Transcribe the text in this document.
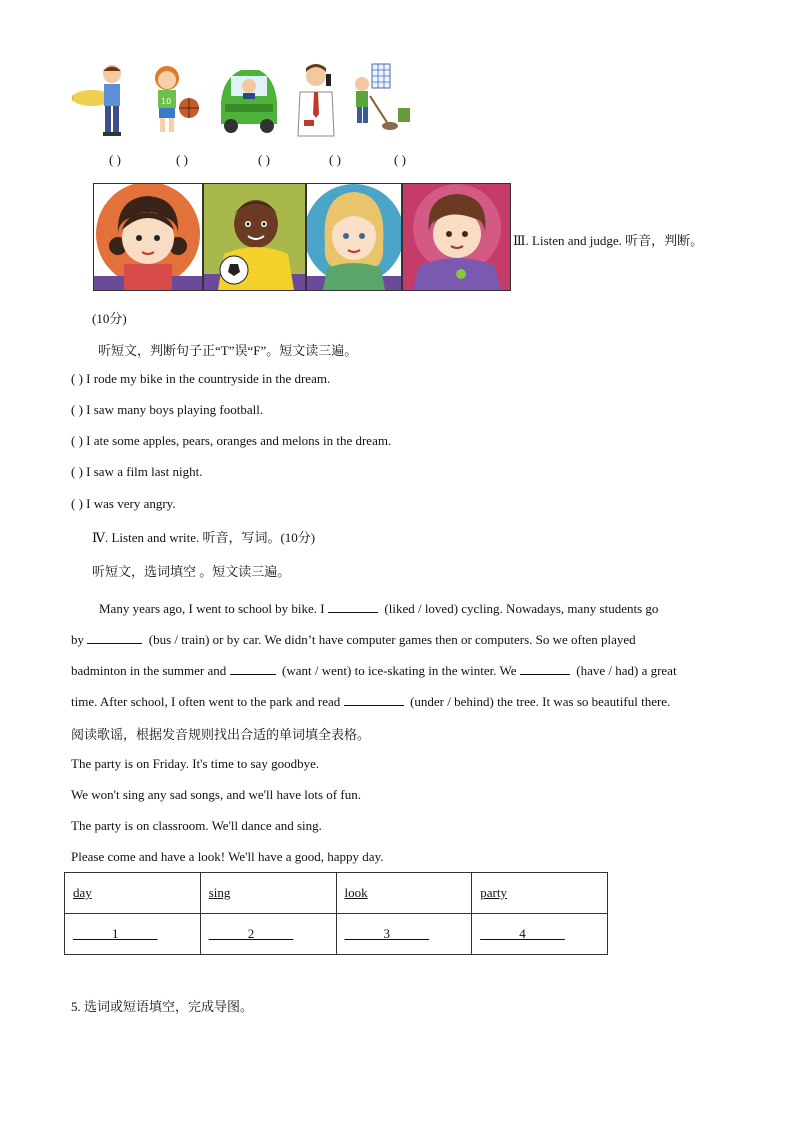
10
( )	( )	( )	( )	( )
Ⅲ. Listen and judge. 听音，判断。
(10分)
听短文，判断句子正“T”误“F”。短文读三遍。
( ) I rode my bike in the countryside in the dream.
( ) I saw many boys playing football.
( ) I ate some apples, pears, oranges and melons in the dream.
( ) I saw a film last night.
( ) I was very angry.
Ⅳ. Listen and write. 听音，写词。(10分)
听短文，选词填空 。短文读三遍。
Many years ago, I went to school by bike. I	(liked / loved) cycling. Nowadays, many students go
by	(bus / train) or by car. We didn’t have computer games then or computers. So we often played
badminton in the summer and	(want / went) to ice-skating in the winter. We	(have / had) a great
time. After school, I often went to the park and read	(under / behind) the tree. It was so beautiful there.
阅读歌谣，根据发音规则找出合适的单词填全表格。
The party is on Friday. It's time to say goodbye.
We won't sing any sad songs, and we'll have lots of fun.
The party is on classroom. We'll dance and sing.
Please come and have a look! We'll have a good, happy day.
day	sing	look	party
______1______	______2______	______3______	______4______
5. 选词或短语填空，完成导图。
